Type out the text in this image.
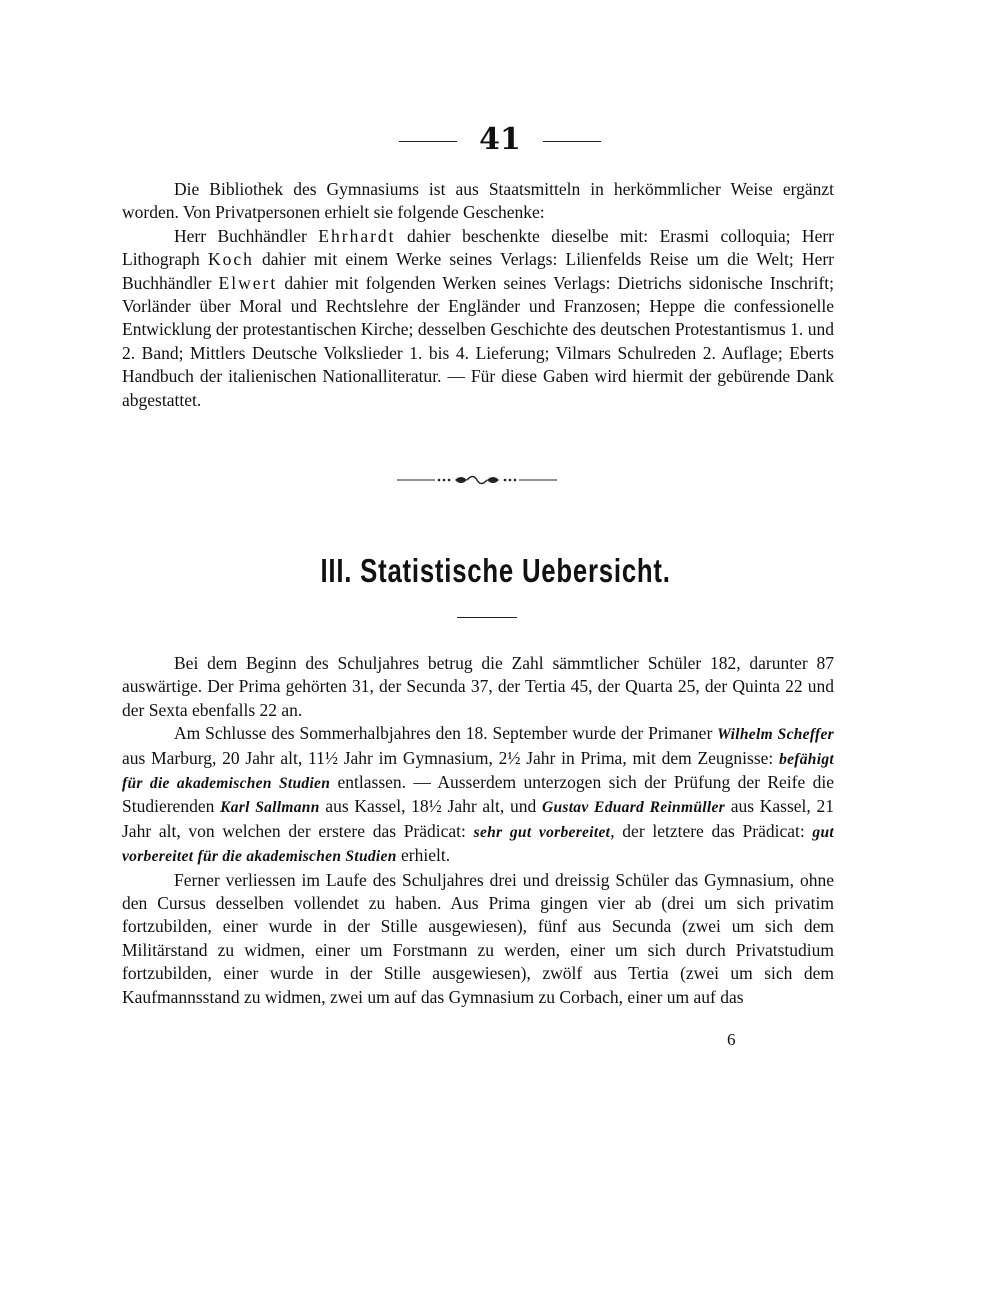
41

Die Bibliothek des Gymnasiums ist aus Staatsmitteln in herkömmlicher Weise ergänzt worden. Von Privatpersonen erhielt sie folgende Geschenke:

Herr Buchhändler Ehrhardt dahier beschenkte dieselbe mit: Erasmi colloquia; Herr Lithograph Koch dahier mit einem Werke seines Verlags: Lilienfelds Reise um die Welt; Herr Buchhändler Elwert dahier mit folgenden Werken seines Verlags: Dietrichs sidonische Inschrift; Vorländer über Moral und Rechtslehre der Engländer und Franzosen; Heppe die confessionelle Entwicklung der protestantischen Kirche; desselben Geschichte des deutschen Protestantismus 1. und 2. Band; Mittlers Deutsche Volkslieder 1. bis 4. Lieferung; Vilmars Schulreden 2. Auflage; Eberts Handbuch der italienischen Nationalliteratur. — Für diese Gaben wird hiermit der gebürende Dank abgestattet.

III. Statistische Uebersicht.

Bei dem Beginn des Schuljahres betrug die Zahl sämmtlicher Schüler 182, darunter 87 auswärtige. Der Prima gehörten 31, der Secunda 37, der Tertia 45, der Quarta 25, der Quinta 22 und der Sexta ebenfalls 22 an.

Am Schlusse des Sommerhalbjahres den 18. September wurde der Primaner Wilhelm Scheffer aus Marburg, 20 Jahr alt, 11½ Jahr im Gymnasium, 2½ Jahr in Prima, mit dem Zeugnisse: befähigt für die akademischen Studien entlassen. — Ausserdem unterzogen sich der Prüfung der Reife die Studierenden Karl Sallmann aus Kassel, 18½ Jahr alt, und Gustav Eduard Reinmüller aus Kassel, 21 Jahr alt, von welchen der erstere das Prädicat: sehr gut vorbereitet, der letztere das Prädicat: gut vorbereitet für die akademischen Studien erhielt.

Ferner verliessen im Laufe des Schuljahres drei und dreissig Schüler das Gymnasium, ohne den Cursus desselben vollendet zu haben. Aus Prima gingen vier ab (drei um sich privatim fortzubilden, einer wurde in der Stille ausgewiesen), fünf aus Secunda (zwei um sich dem Militärstand zu widmen, einer um Forstmann zu werden, einer um sich durch Privatstudium fortzubilden, einer wurde in der Stille ausgewiesen), zwölf aus Tertia (zwei um sich dem Kaufmannsstand zu widmen, zwei um auf das Gymnasium zu Corbach, einer um auf das

6
